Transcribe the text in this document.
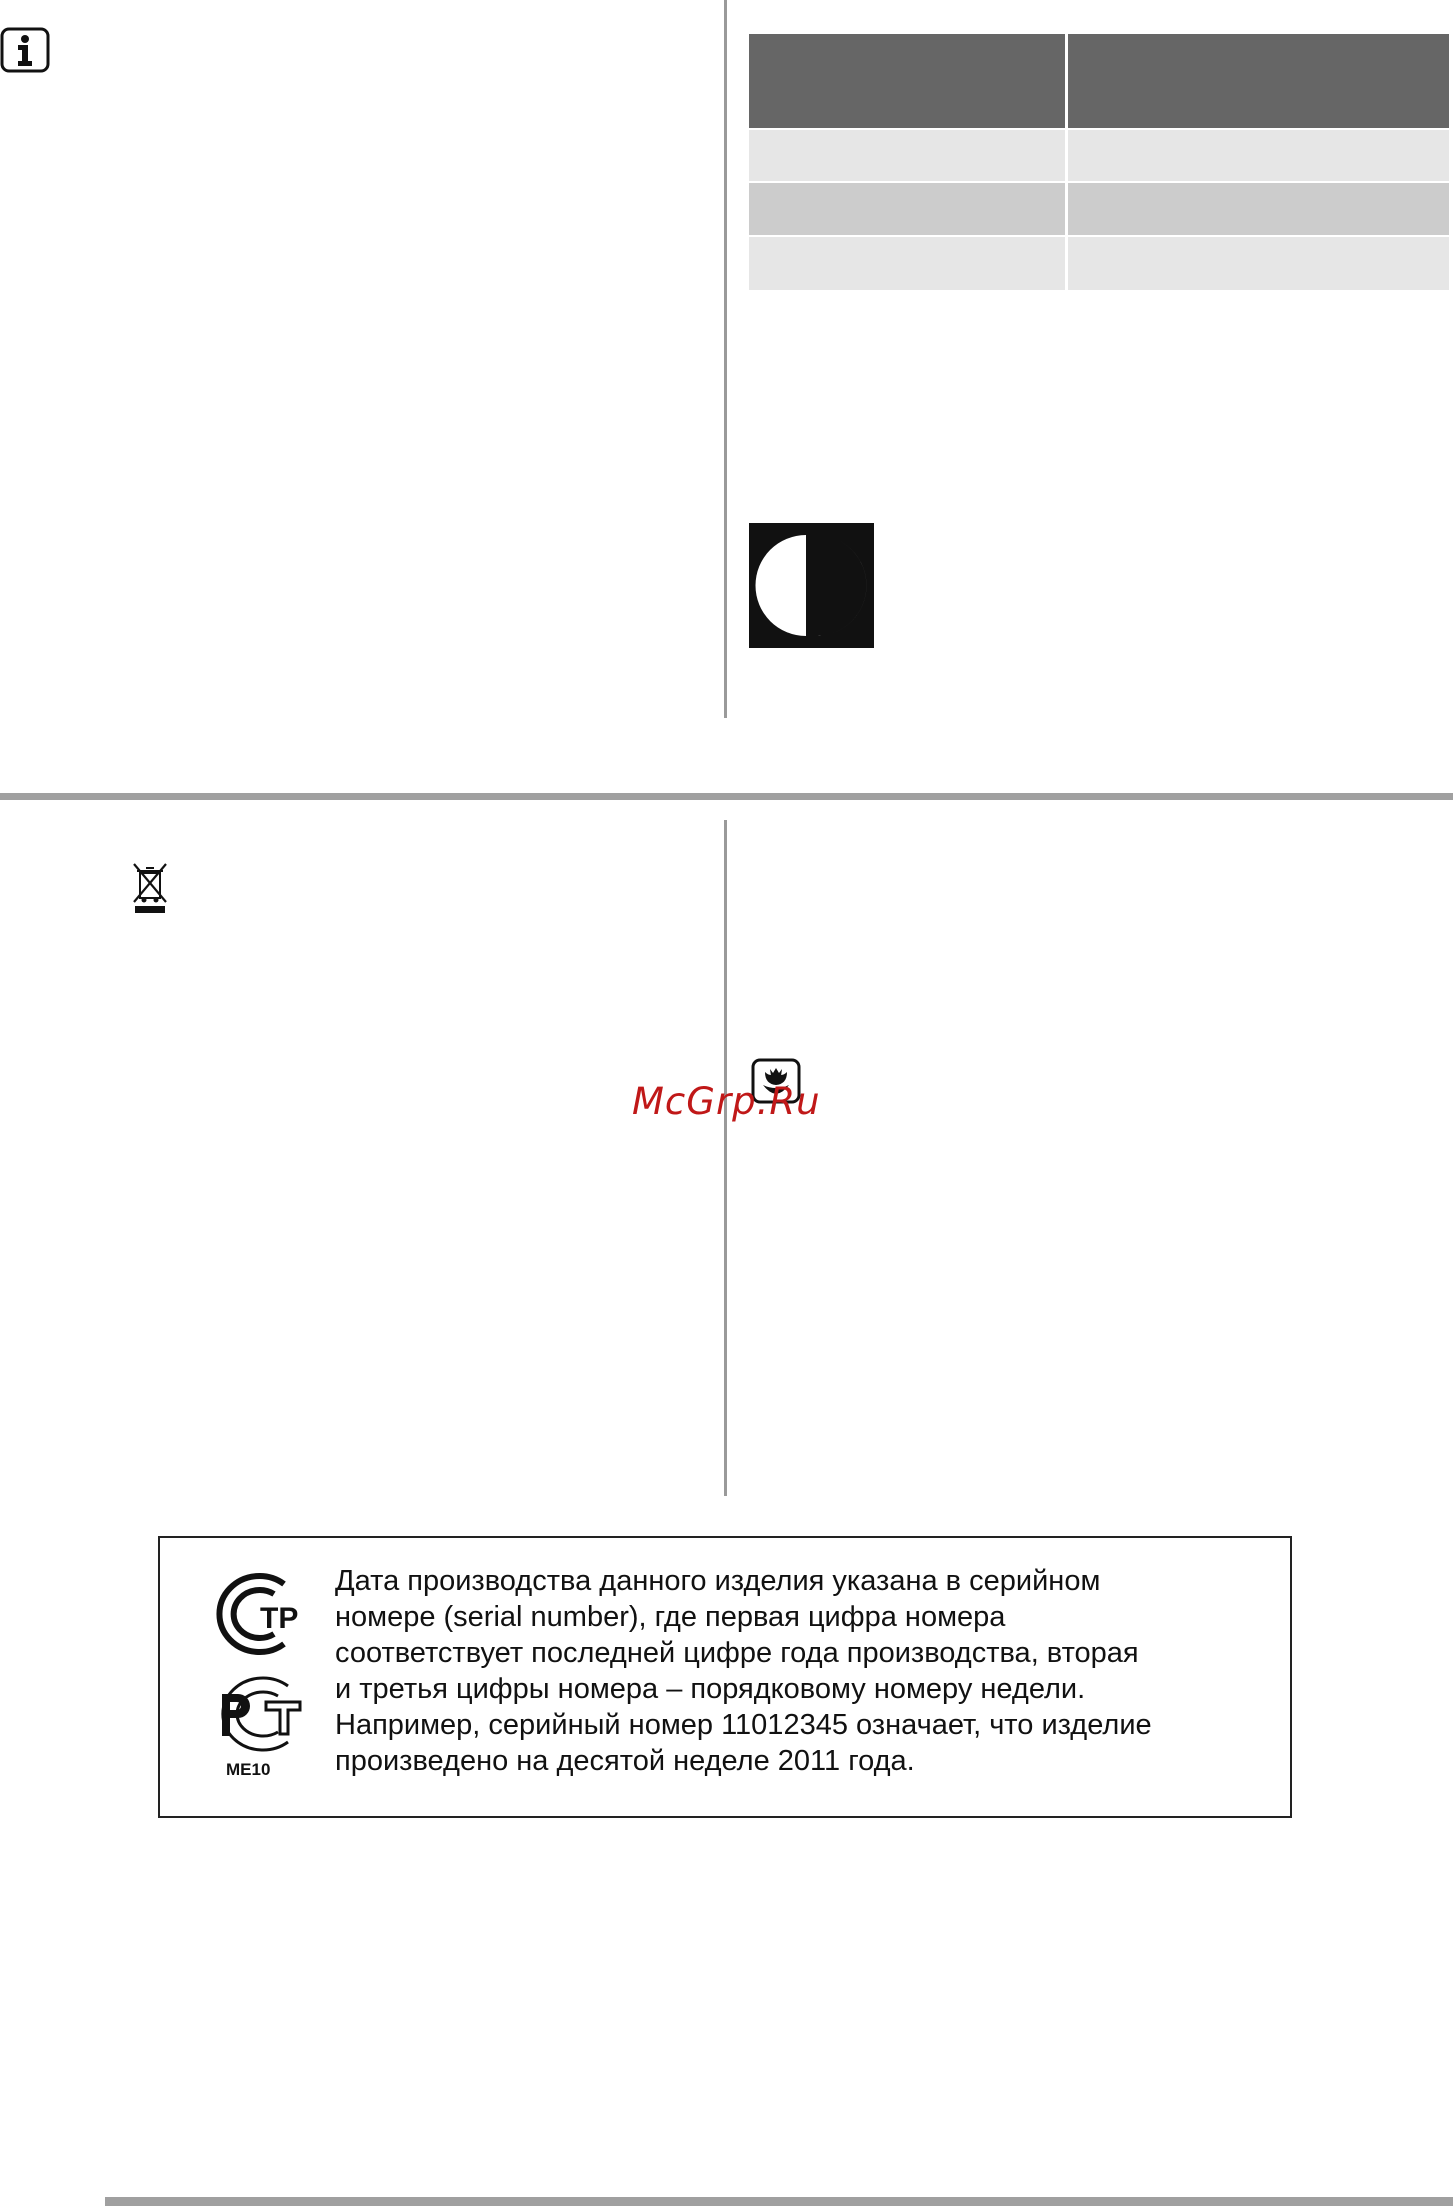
McGrp.Ru
ТР
ME10
Дата производства данного изделия указана в серийном
номере (serial number), где первая цифра номера
соответствует последней цифре года производства, вторая
и третья цифры номера – порядковому номеру недели.
Например, серийный номер 11012345 означает, что изделие
произведено на десятой неделе 2011 года.
